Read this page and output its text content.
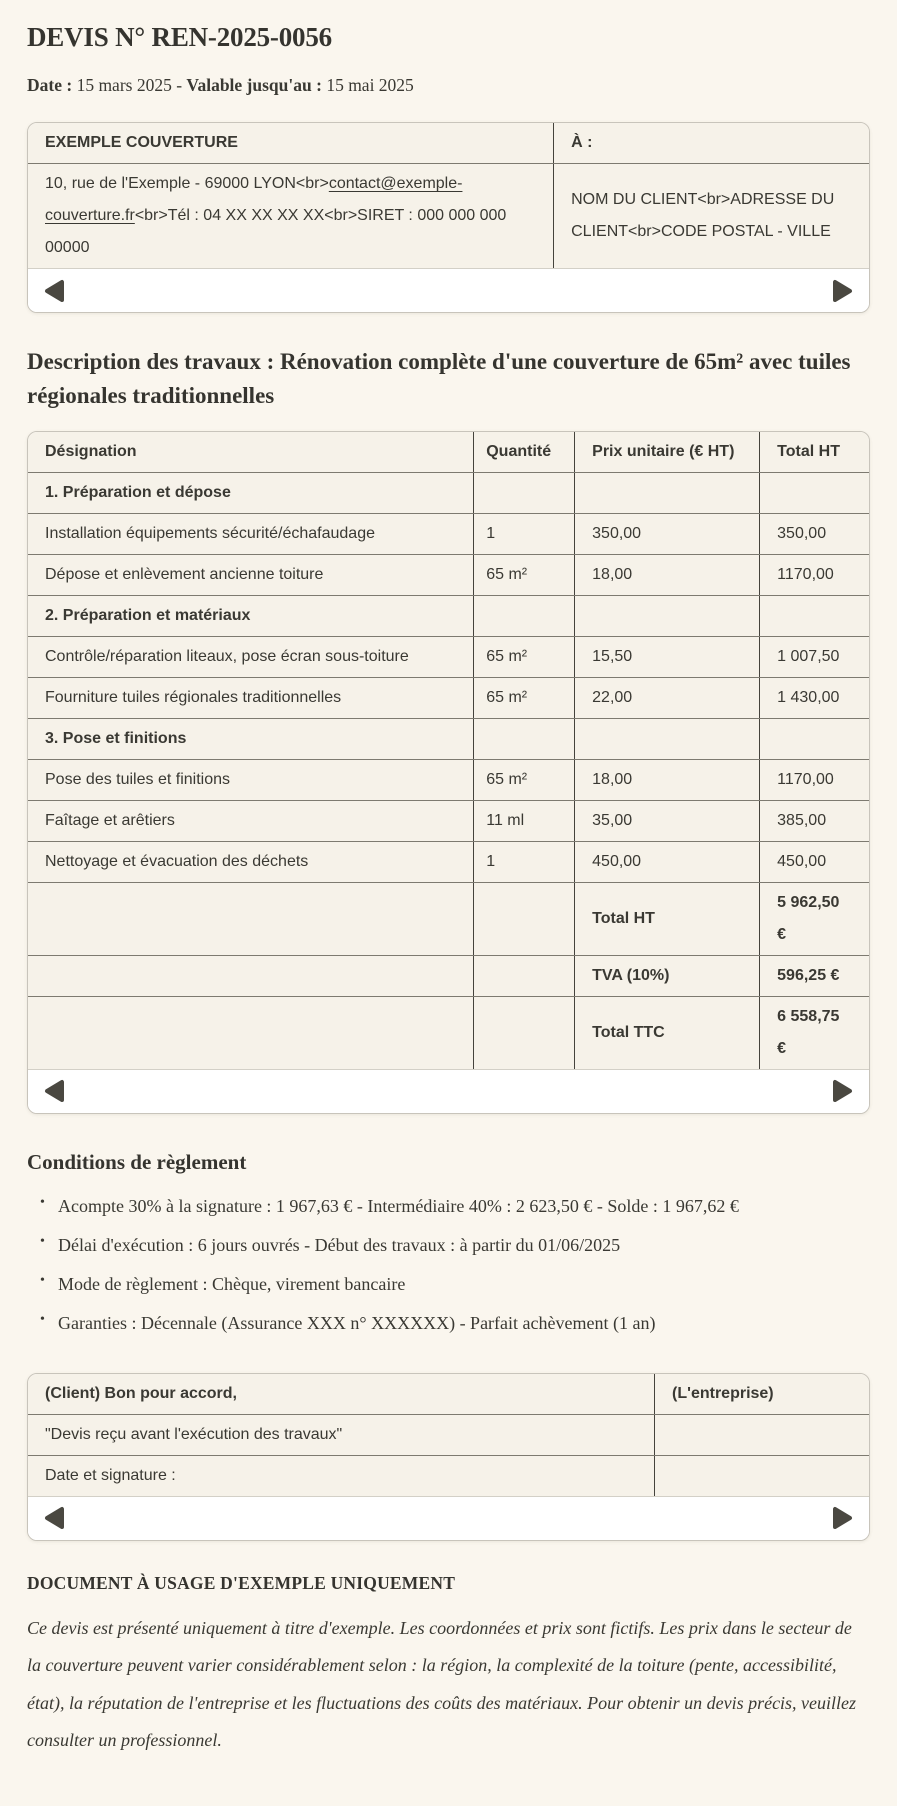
DEVIS N° REN-2025-0056

Date : 15 mars 2025 - Valable jusqu'au : 15 mai 2025

EXEMPLE COUVERTURE	À :
10, rue de l'Exemple - 69000 LYON<br>contact@exemple-couverture.fr<br>Tél : 04 XX XX XX XX<br>SIRET : 000 000 000 00000	NOM DU CLIENT<br>ADRESSE DU CLIENT<br>CODE POSTAL - VILLE
Description des travaux : Rénovation complète d'une couverture de 65m² avec tuiles régionales traditionnelles
Désignation	Quantité	Prix unitaire (€ HT)	Total HT
1. Préparation et dépose			
Installation équipements sécurité/échafaudage	1	350,00	350,00
Dépose et enlèvement ancienne toiture	65 m²	18,00	1170,00
2. Préparation et matériaux			
Contrôle/réparation liteaux, pose écran sous-toiture	65 m²	15,50	1 007,50
Fourniture tuiles régionales traditionnelles	65 m²	22,00	1 430,00
3. Pose et finitions			
Pose des tuiles et finitions	65 m²	18,00	1170,00
Faîtage et arêtiers	11 ml	35,00	385,00
Nettoyage et évacuation des déchets	1	450,00	450,00
		Total HT	5 962,50 €
		TVA (10%)	596,25 €
		Total TTC	6 558,75 €
Conditions de règlement
• Acompte 30% à la signature : 1 967,63 € - Intermédiaire 40% : 2 623,50 € - Solde : 1 967,62 €
• Délai d'exécution : 6 jours ouvrés - Début des travaux : à partir du 01/06/2025
• Mode de règlement : Chèque, virement bancaire
• Garanties : Décennale (Assurance XXX n° XXXXXX) - Parfait achèvement (1 an)
(Client) Bon pour accord,	(L'entreprise)
"Devis reçu avant l'exécution des travaux"	
Date et signature :	

DOCUMENT À USAGE D'EXEMPLE UNIQUEMENT

Ce devis est présenté uniquement à titre d'exemple. Les coordonnées et prix sont fictifs. Les prix dans le secteur de la couverture peuvent varier considérablement selon : la région, la complexité de la toiture (pente, accessibilité, état), la réputation de l'entreprise et les fluctuations des coûts des matériaux. Pour obtenir un devis précis, veuillez consulter un professionnel.
